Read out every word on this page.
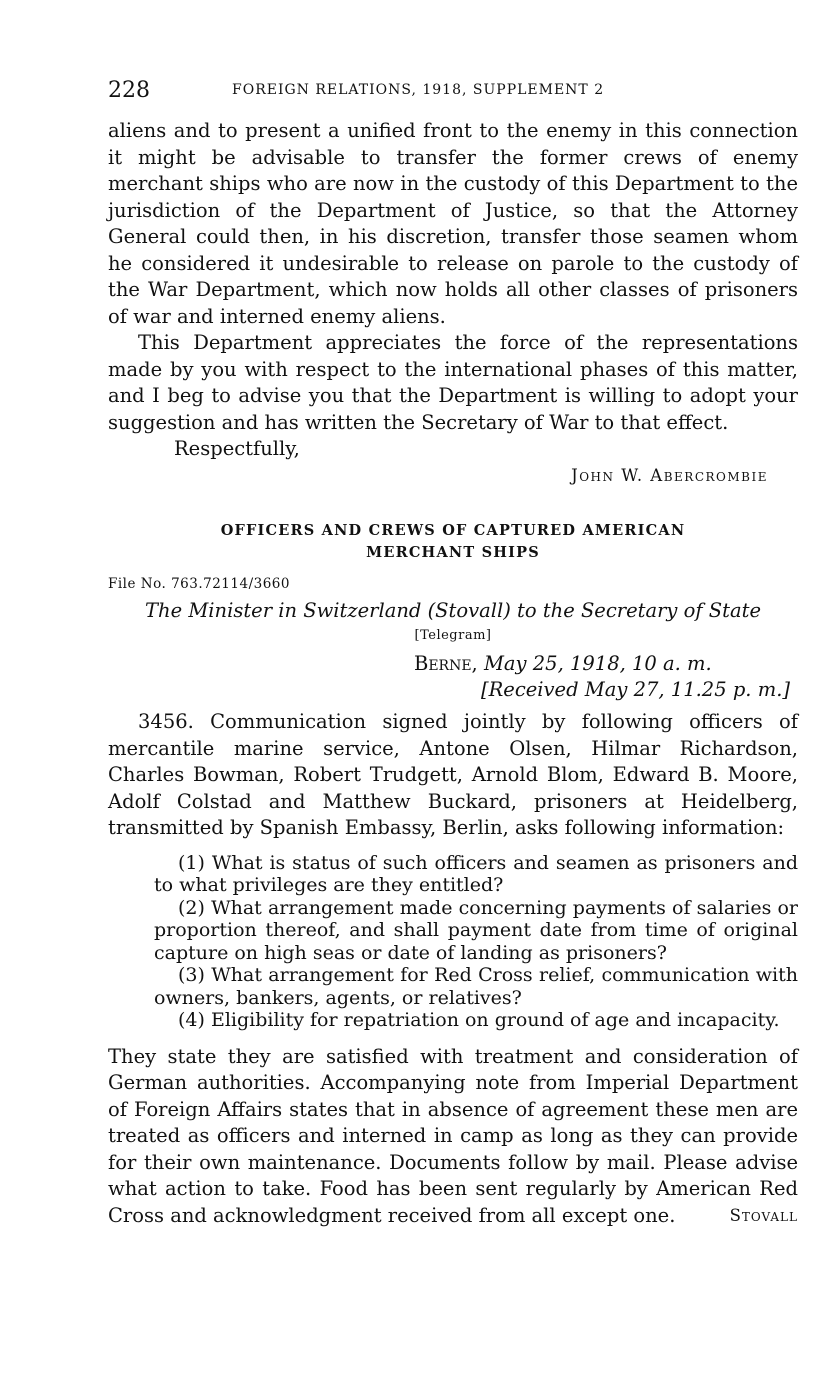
228	FOREIGN RELATIONS, 1918, SUPPLEMENT 2

aliens and to present a unified front to the enemy in this connection it might be advisable to transfer the former crews of enemy merchant ships who are now in the custody of this Department to the jurisdiction of the Department of Justice, so that the Attorney General could then, in his discretion, transfer those seamen whom he considered it undesirable to release on parole to the custody of the War Department, which now holds all other classes of prisoners of war and interned enemy aliens.

This Department appreciates the force of the representations made by you with respect to the international phases of this matter, and I beg to advise you that the Department is willing to adopt your suggestion and has written the Secretary of War to that effect.

Respectfully,

John W. Abercrombie

OFFICERS AND CREWS OF CAPTURED AMERICAN

MERCHANT SHIPS

File No. 763.72114/3660

The Minister in Switzerland (Stovall) to the Secretary of State

[Telegram]

Berne, May 25, 1918, 10 a. m.

[Received May 27, 11.25 p. m.]

3456. Communication signed jointly by following officers of mercantile marine service, Antone Olsen, Hilmar Richardson, Charles Bowman, Robert Trudgett, Arnold Blom, Edward B. Moore, Adolf Colstad and Matthew Buckard, prisoners at Heidelberg, transmitted by Spanish Embassy, Berlin, asks following information:

(1) What is status of such officers and seamen as prisoners and to what privileges are they entitled?

(2) What arrangement made concerning payments of salaries or proportion thereof, and shall payment date from time of original capture on high seas or date of landing as prisoners?

(3) What arrangement for Red Cross relief, communication with owners, bankers, agents, or relatives?

(4) Eligibility for repatriation on ground of age and incapacity.

They state they are satisfied with treatment and consideration of German authorities. Accompanying note from Imperial Department of Foreign Affairs states that in absence of agreement these men are treated as officers and interned in camp as long as they can provide for their own maintenance. Documents follow by mail. Please advise what action to take. Food has been sent regularly by American Red Cross and acknowledgment received from all except one.	Stovall
